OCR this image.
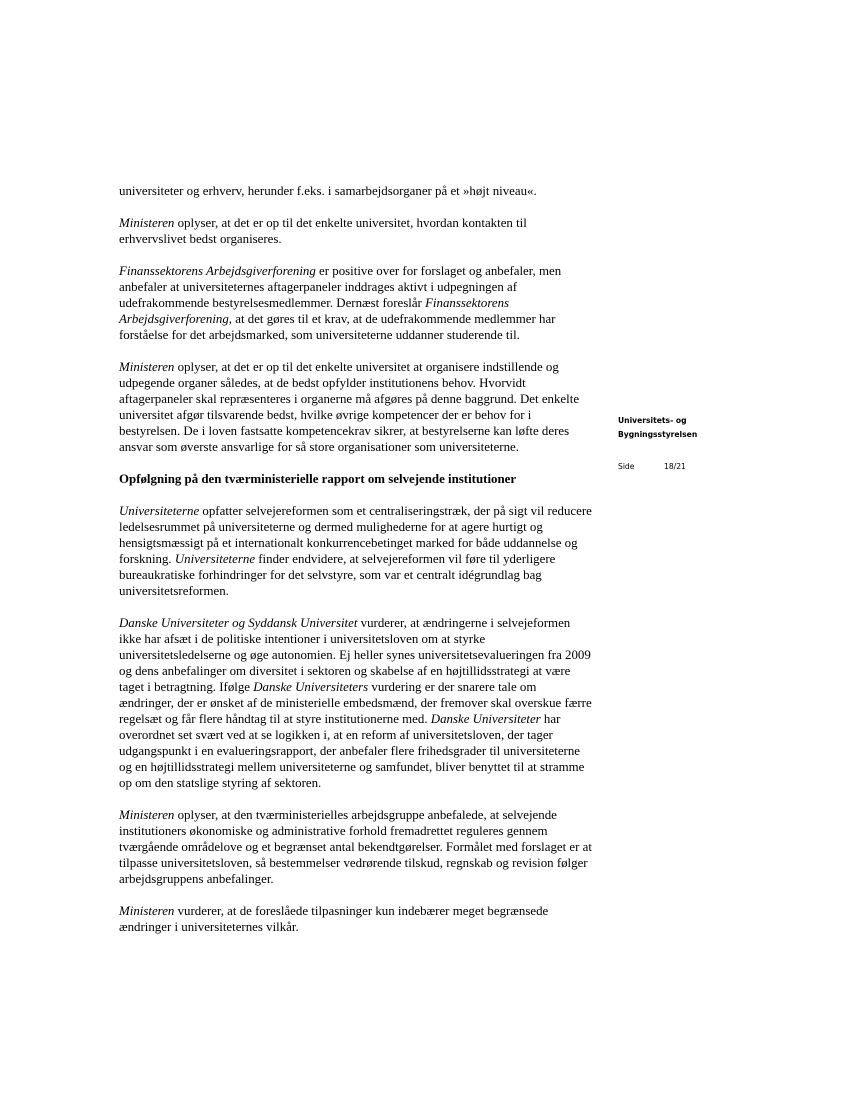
universiteter og erhverv, herunder f.eks. i samarbejdsorganer på et »højt niveau«.

Ministeren oplyser, at det er op til det enkelte universitet, hvordan kontakten til erhvervslivet bedst organiseres.

Finanssektorens Arbejdsgiverforening er positive over for forslaget og anbefaler, men anbefaler at universiteternes aftagerpaneler inddrages aktivt i udpegningen af udefrakommende bestyrelsesmedlemmer. Dernæst foreslår Finanssektorens Arbejdsgiverforening, at det gøres til et krav, at de udefrakommende medlemmer har forståelse for det arbejdsmarked, som universiteterne uddanner studerende til.

Ministeren oplyser, at det er op til det enkelte universitet at organisere indstillende og udpegende organer således, at de bedst opfylder institutionens behov. Hvorvidt aftagerpaneler skal repræsenteres i organerne må afgøres på denne baggrund. Det enkelte universitet afgør tilsvarende bedst, hvilke øvrige kompetencer der er behov for i bestyrelsen. De i loven fastsatte kompetencekrav sikrer, at bestyrelserne kan løfte deres ansvar som øverste ansvarlige for så store organisationer som universiteterne.

Opfølgning på den tværministerielle rapport om selvejende institutioner

Universiteterne opfatter selvejereformen som et centraliseringstræk, der på sigt vil reducere ledelsesrummet på universiteterne og dermed mulighederne for at agere hurtigt og hensigtsmæssigt på et internationalt konkurrencebetinget marked for både uddannelse og forskning. Universiteterne finder endvidere, at selvejereformen vil føre til yderligere bureaukratiske forhindringer for det selvstyre, som var et centralt idégrundlag bag universitetsreformen.

Danske Universiteter og Syddansk Universitet vurderer, at ændringerne i selvejeformen ikke har afsæt i de politiske intentioner i universitetsloven om at styrke universitetsledelserne og øge autonomien. Ej heller synes universitetsevalueringen fra 2009 og dens anbefalinger om diversitet i sektoren og skabelse af en højtillidsstrategi at være taget i betragtning. Ifølge Danske Universiteters vurdering er der snarere tale om ændringer, der er ønsket af de ministerielle embedsmænd, der fremover skal overskue færre regelsæt og får flere håndtag til at styre institutionerne med. Danske Universiteter har overordnet set svært ved at se logikken i, at en reform af universitetsloven, der tager udgangspunkt i en evalueringsrapport, der anbefaler flere frihedsgrader til universiteterne og en højtillidsstrategi mellem universiteterne og samfundet, bliver benyttet til at stramme op om den statslige styring af sektoren.

Ministeren oplyser, at den tværministerielles arbejdsgruppe anbefalede, at selvejende institutioners økonomiske og administrative forhold fremadrettet reguleres gennem tværgående områdelove og et begrænset antal bekendtgørelser. Formålet med forslaget er at tilpasse universitetsloven, så bestemmelser vedrørende tilskud, regnskab og revision følger arbejdsgruppens anbefalinger.

Ministeren vurderer, at de foreslåede tilpasninger kun indebærer meget begrænsede ændringer i universiteternes vilkår.

Universitets- og
Bygningsstyrelsen
Side	18/21
